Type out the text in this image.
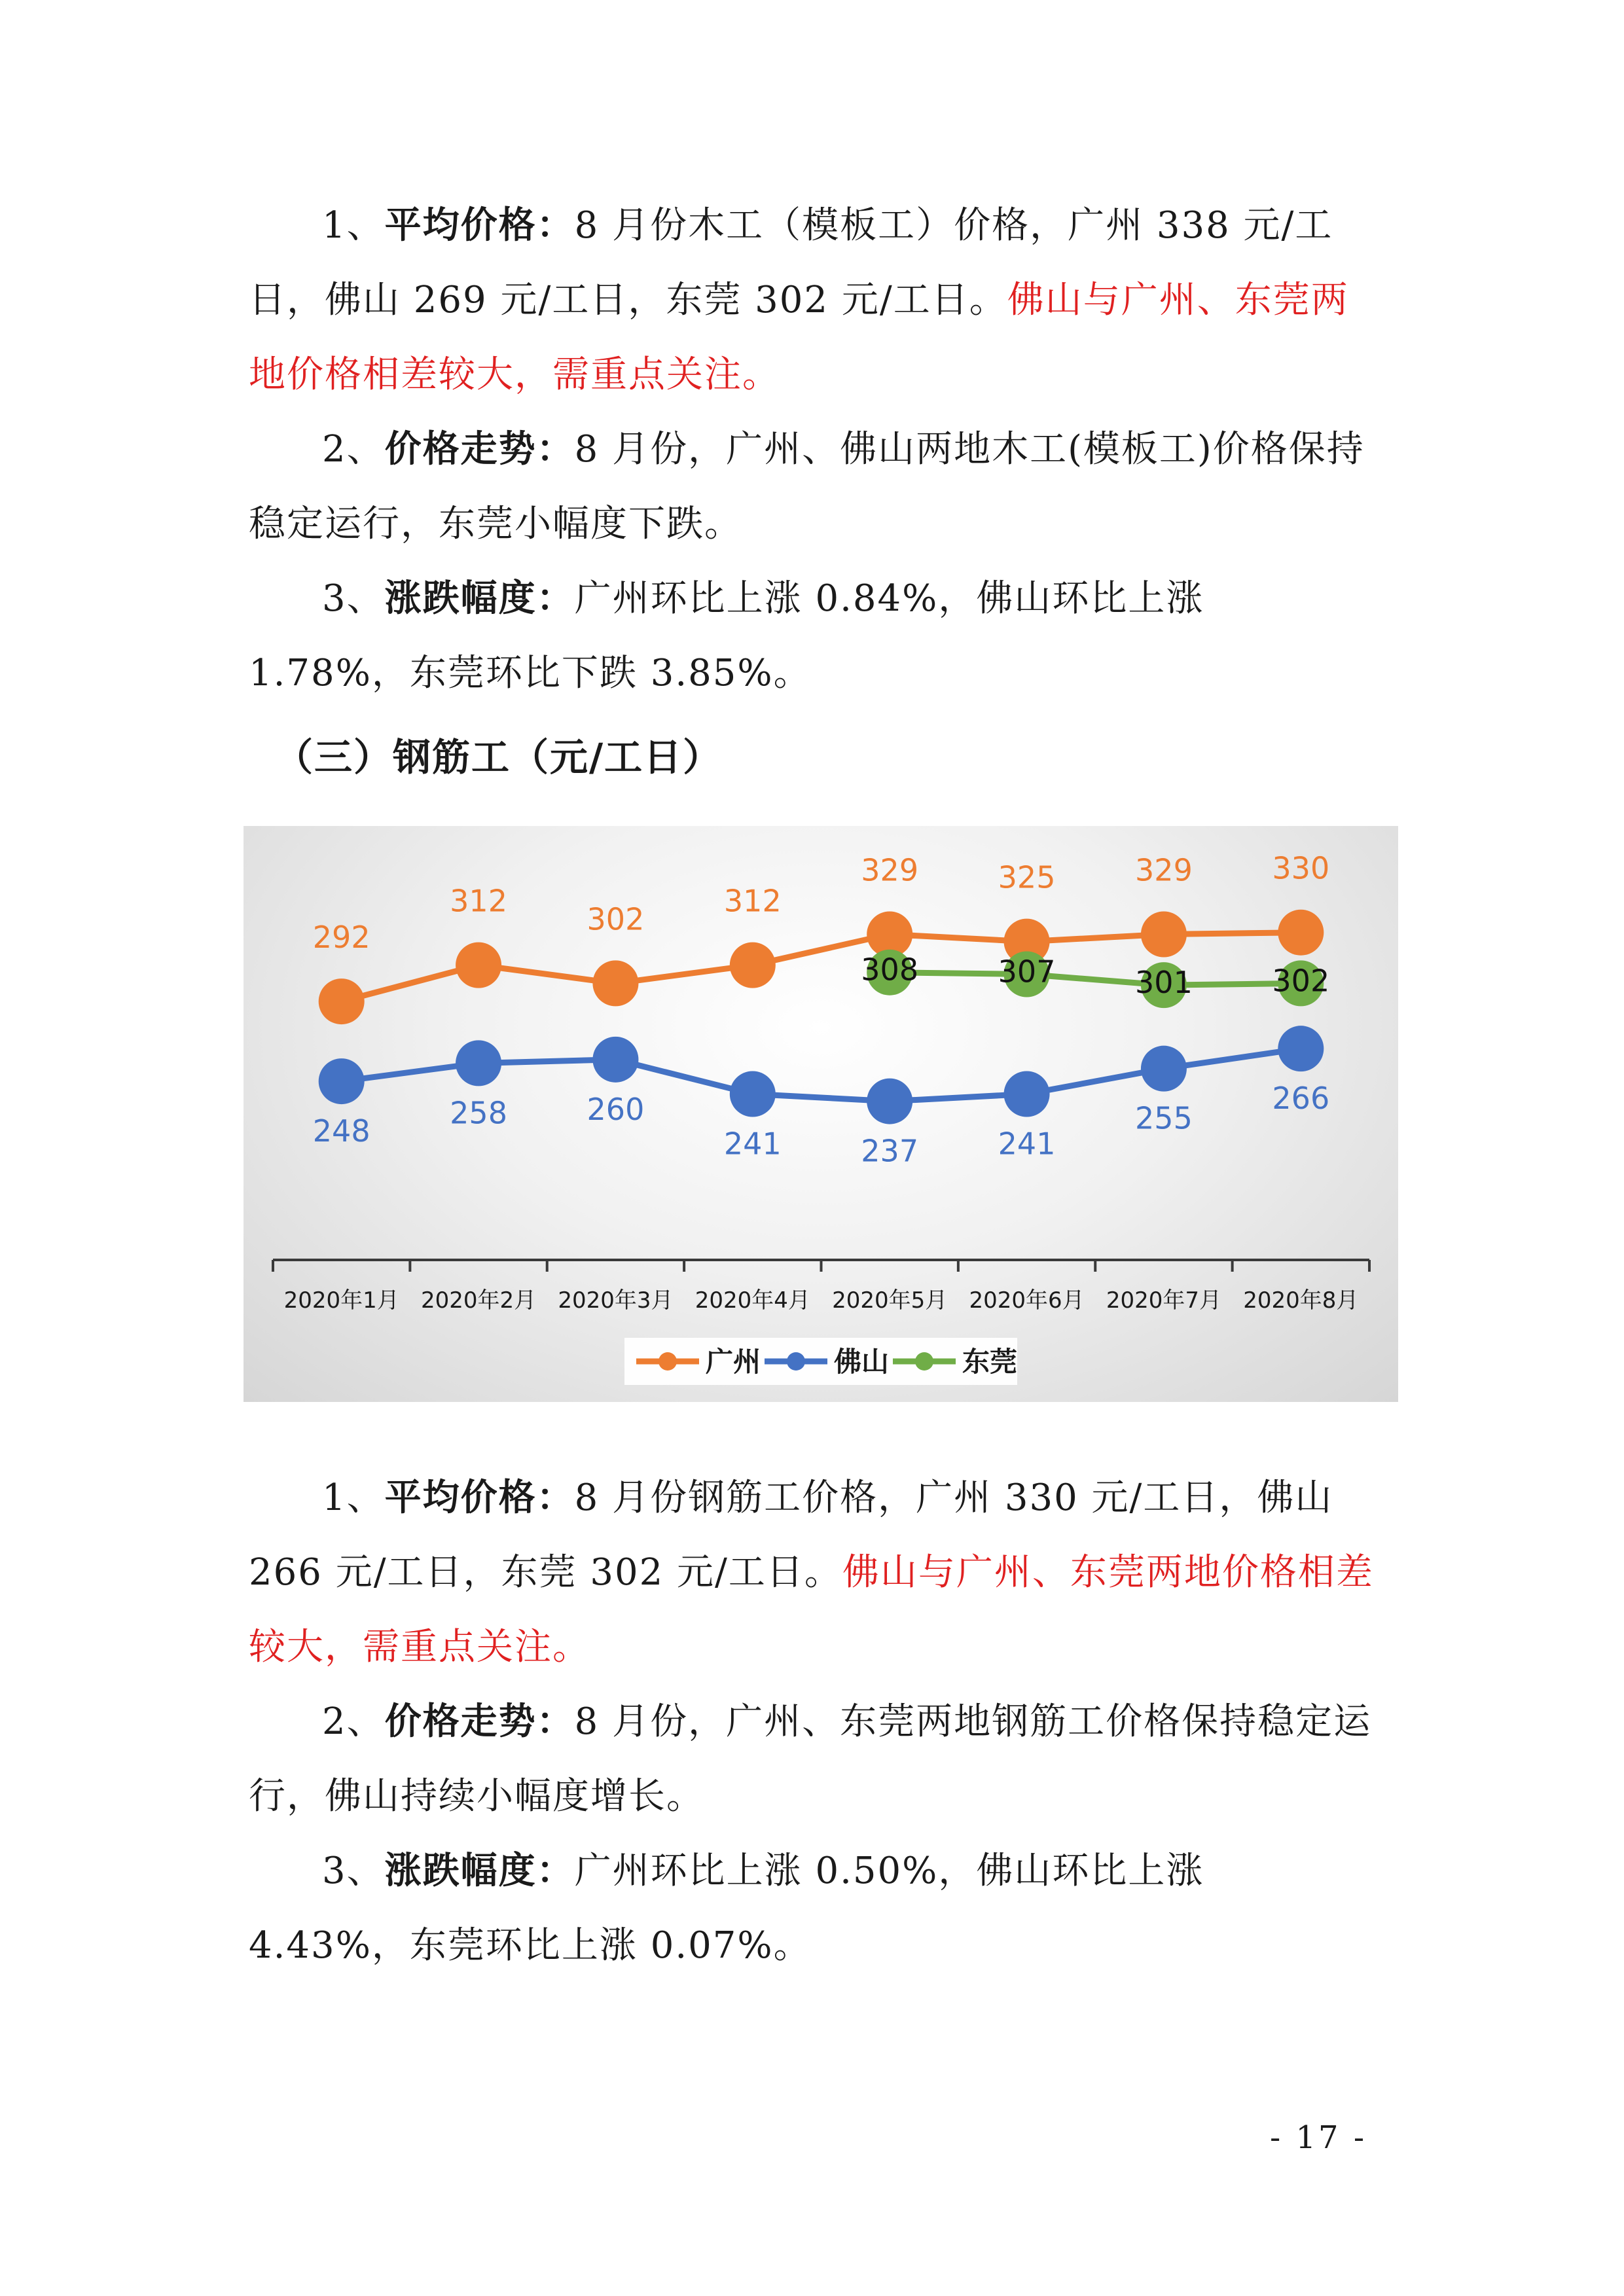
1、平均价格：8 月份木工（模板工）价格，广州 338 元/工日，佛山 269 元/工日，东莞 302 元/工日。佛山与广州、东莞两地价格相差较大，需重点关注。

2、价格走势：8 月份，广州、佛山两地木工(模板工)价格保持稳定运行，东莞小幅度下跌。

3、涨跌幅度：广州环比上涨 0.84%，佛山环比上涨 1.78%，东莞环比下跌 3.85%。

（三）钢筋工（元/工日）
2020年1月 2020年2月 2020年3月 2020年4月 2020年5月 2020年6月 2020年7月 2020年8月
292
312
302
312
329	325	329	330
248
258	260
241	237	241
255
266
308	307	301	302
广州	佛山	东莞

1、平均价格：8 月份钢筋工价格，广州 330 元/工日，佛山 266 元/工日，东莞 302 元/工日。佛山与广州、东莞两地价格相差较大，需重点关注。

2、价格走势：8 月份，广州、东莞两地钢筋工价格保持稳定运行，佛山持续小幅度增长。

3、涨跌幅度：广州环比上涨 0.50%，佛山环比上涨 4.43%，东莞环比上涨 0.07%。

- 17 -
